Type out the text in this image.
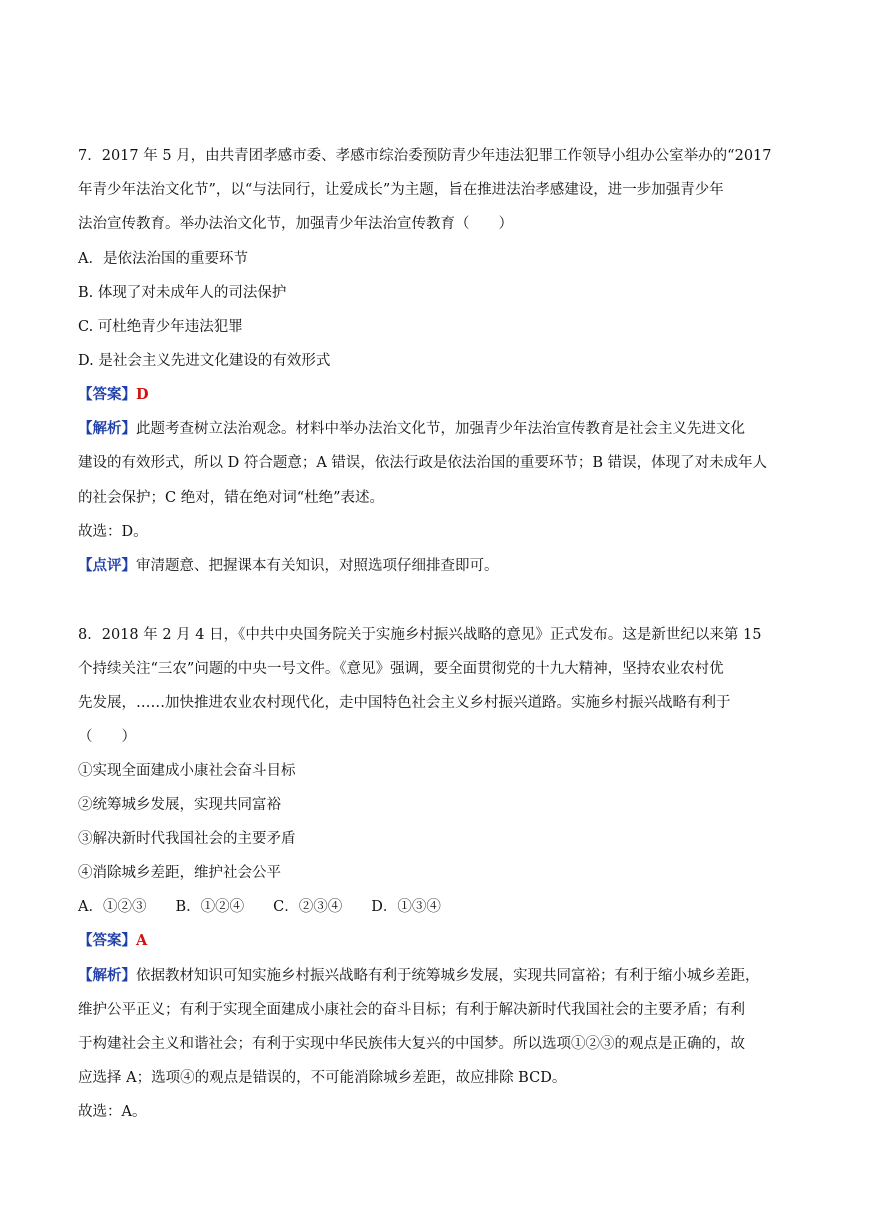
7．2017 年 5 月，由共青团孝感市委、孝感市综治委预防青少年违法犯罪工作领导小组办公室举办的“2017
年青少年法治文化节”，以“与法同行，让爱成长”为主题，旨在推进法治孝感建设，进一步加强青少年
法治宣传教育。举办法治文化节，加强青少年法治宣传教育（　　）
A．是依法治国的重要环节
B. 体现了对未成年人的司法保护
C. 可杜绝青少年违法犯罪
D. 是社会主义先进文化建设的有效形式
【答案】D
【解析】此题考查树立法治观念。材料中举办法治文化节，加强青少年法治宣传教育是社会主义先进文化
建设的有效形式，所以 D 符合题意；A 错误，依法行政是依法治国的重要环节；B 错误，体现了对未成年人
的社会保护；C 绝对，错在绝对词“杜绝”表述。
故选：D。
【点评】审清题意、把握课本有关知识，对照选项仔细排查即可。
8．2018 年 2 月 4 日，《中共中央国务院关于实施乡村振兴战略的意见》正式发布。这是新世纪以来第 15
个持续关注“三农”问题的中央一号文件。《意见》强调，要全面贯彻党的十九大精神，坚持农业农村优
先发展，……加快推进农业农村现代化，走中国特色社会主义乡村振兴道路。实施乡村振兴战略有利于
（　　）
①实现全面建成小康社会奋斗目标
②统筹城乡发展，实现共同富裕
③解决新时代我国社会的主要矛盾
④消除城乡差距，维护社会公平
A．①②③　　B．①②④　　C．②③④　　D．①③④
【答案】A
【解析】依据教材知识可知实施乡村振兴战略有利于统筹城乡发展，实现共同富裕；有利于缩小城乡差距，
维护公平正义；有利于实现全面建成小康社会的奋斗目标；有利于解决新时代我国社会的主要矛盾；有利
于构建社会主义和谐社会；有利于实现中华民族伟大复兴的中国梦。所以选项①②③的观点是正确的，故
应选择 A；选项④的观点是错误的，不可能消除城乡差距，故应排除 BCD。
故选：A。
